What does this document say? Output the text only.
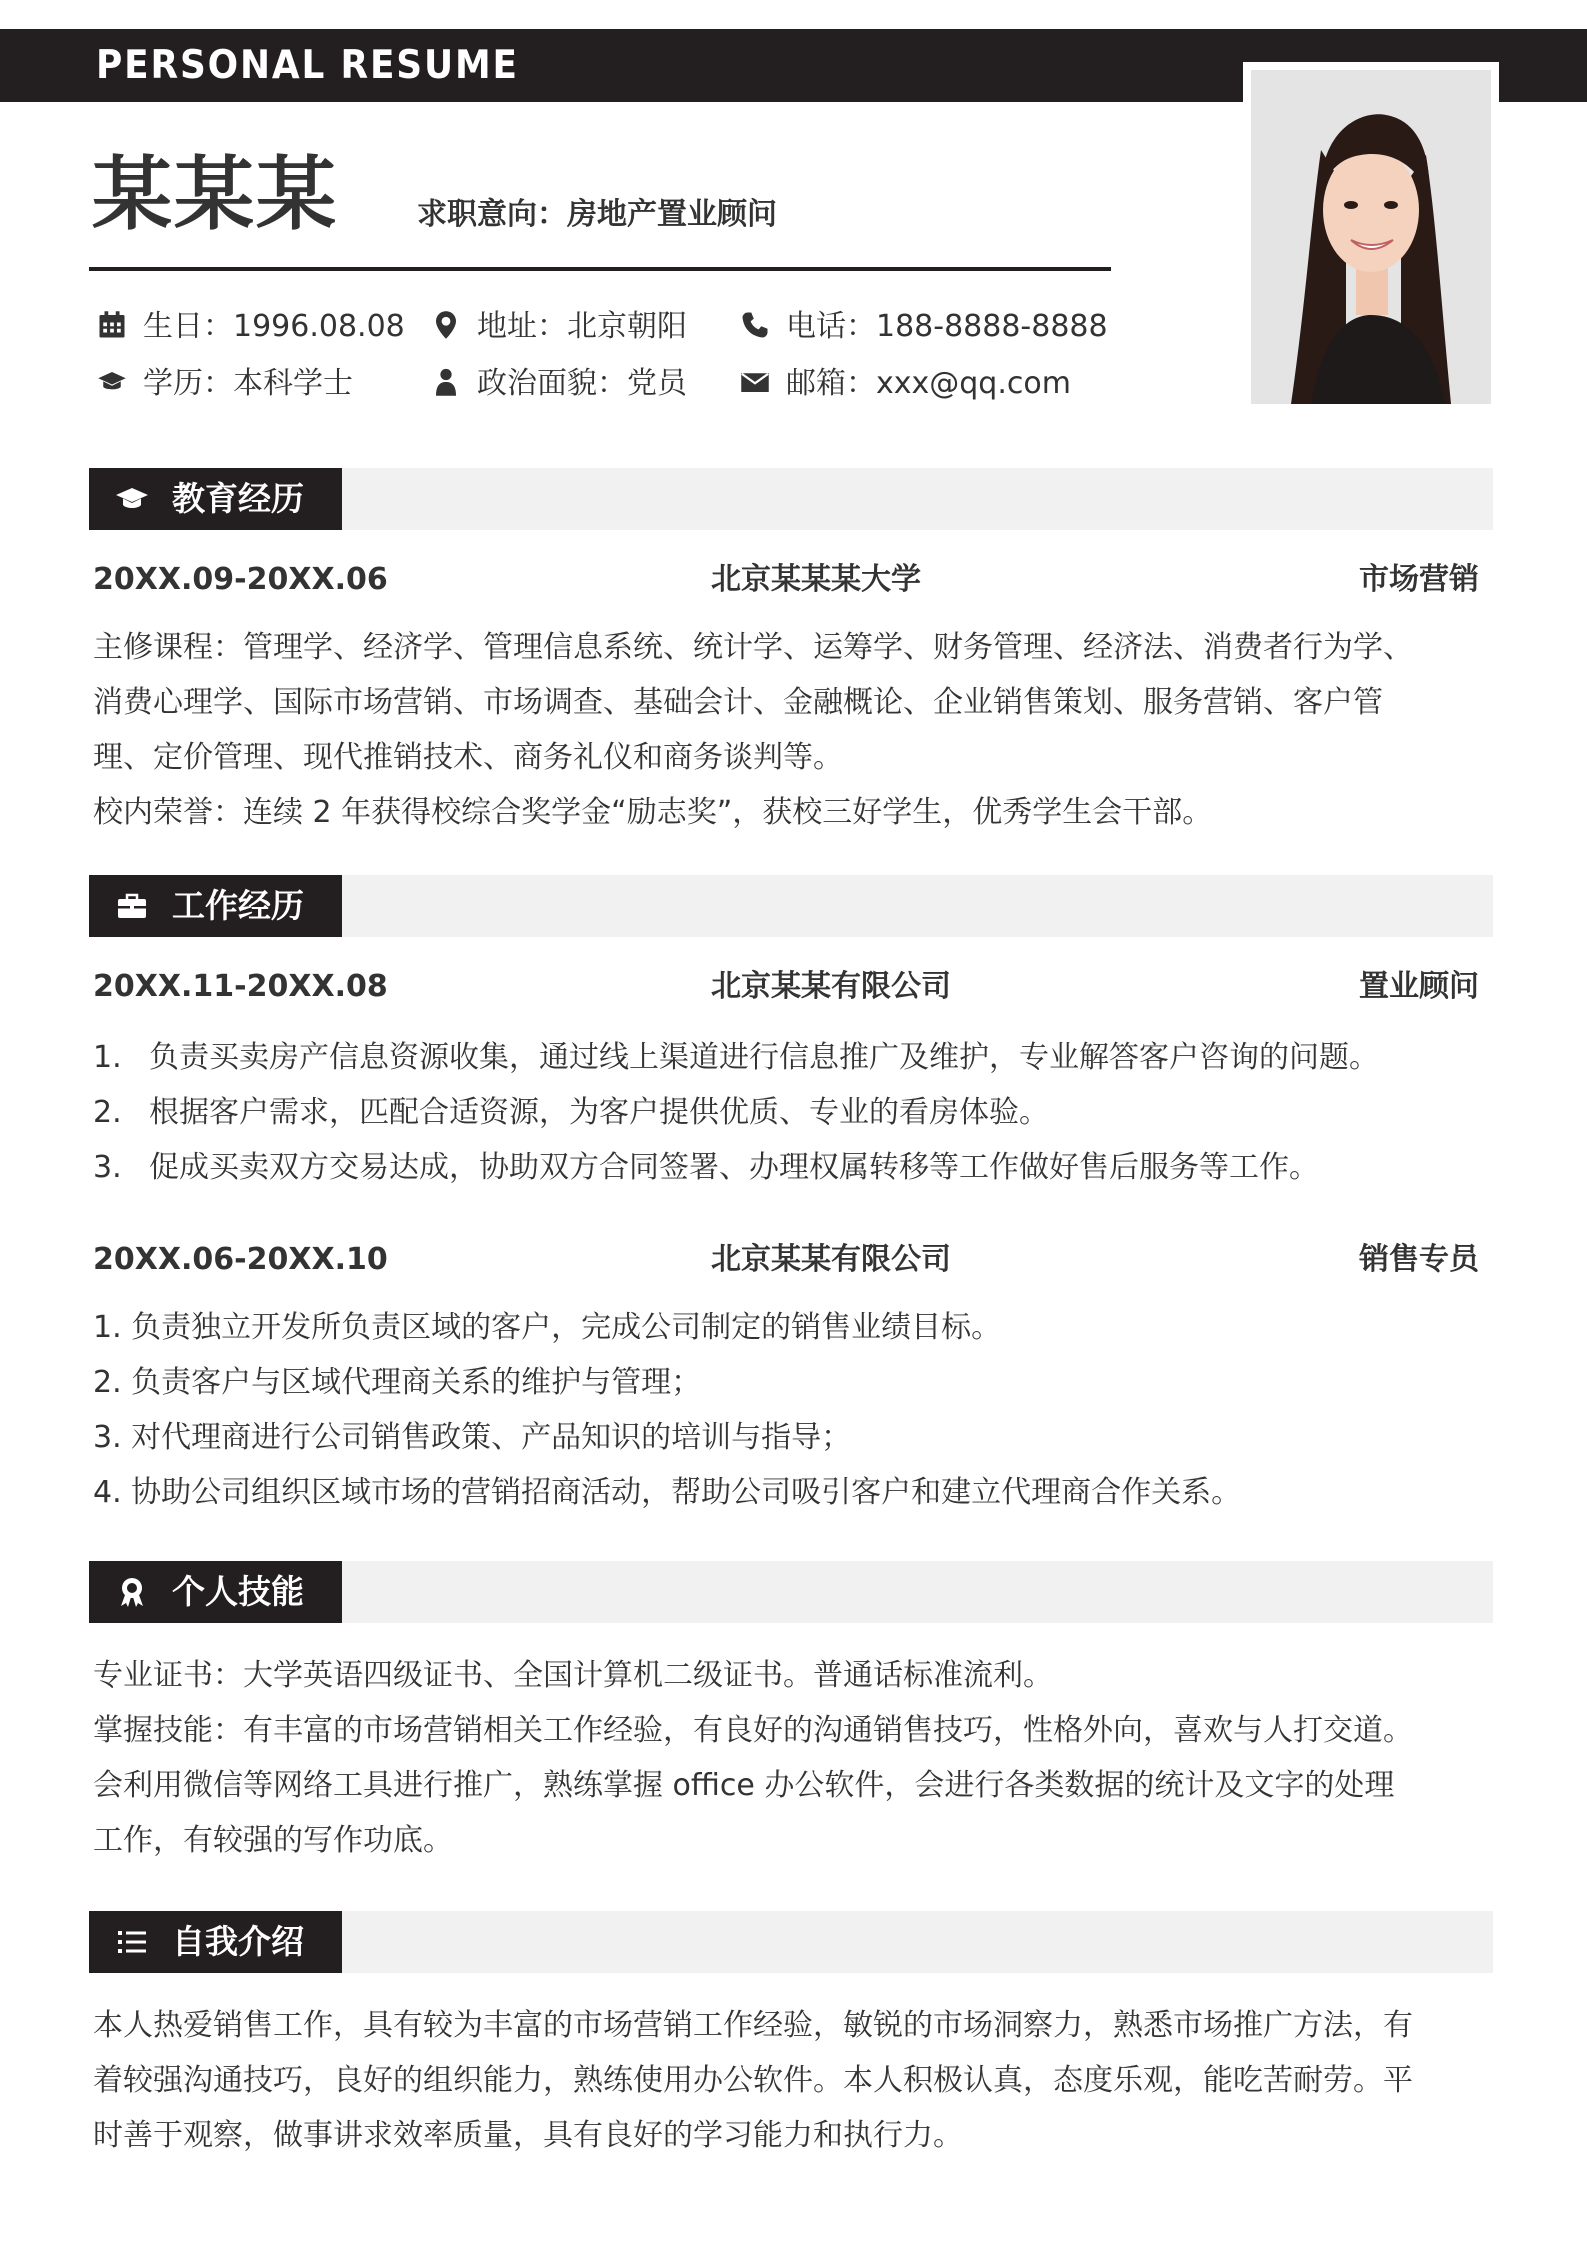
PERSONAL RESUME
某某某	求职意向：房地产置业顾问
生日：1996.08.08	地址：北京朝阳	电话：188-8888-8888
学历：本科学士	政治面貌：党员	邮箱：xxx@qq.com
教育经历
20XX.09-20XX.06	北京某某某大学	市场营销
主修课程：管理学、经济学、管理信息系统、统计学、运筹学、财务管理、经济法、消费者行为学、
消费心理学、国际市场营销、市场调查、基础会计、金融概论、企业销售策划、服务营销、客户管
理、定价管理、现代推销技术、商务礼仪和商务谈判等。
校内荣誉：连续 2 年获得校综合奖学金“励志奖”，获校三好学生，优秀学生会干部。
工作经历
20XX.11-20XX.08	北京某某有限公司	置业顾问
1. 负责买卖房产信息资源收集，通过线上渠道进行信息推广及维护，专业解答客户咨询的问题。
2. 根据客户需求，匹配合适资源，为客户提供优质、专业的看房体验。
3. 促成买卖双方交易达成，协助双方合同签署、办理权属转移等工作做好售后服务等工作。
20XX.06-20XX.10	北京某某有限公司	销售专员
1. 负责独立开发所负责区域的客户，完成公司制定的销售业绩目标。
2. 负责客户与区域代理商关系的维护与管理；
3. 对代理商进行公司销售政策、产品知识的培训与指导；
4. 协助公司组织区域市场的营销招商活动，帮助公司吸引客户和建立代理商合作关系。
个人技能
专业证书：大学英语四级证书、全国计算机二级证书。普通话标准流利。
掌握技能：有丰富的市场营销相关工作经验，有良好的沟通销售技巧，性格外向，喜欢与人打交道。
会利用微信等网络工具进行推广，熟练掌握 office 办公软件，会进行各类数据的统计及文字的处理
工作，有较强的写作功底。
自我介绍
本人热爱销售工作，具有较为丰富的市场营销工作经验，敏锐的市场洞察力，熟悉市场推广方法，有
着较强沟通技巧，良好的组织能力，熟练使用办公软件。本人积极认真，态度乐观，能吃苦耐劳。平
时善于观察，做事讲求效率质量，具有良好的学习能力和执行力。
